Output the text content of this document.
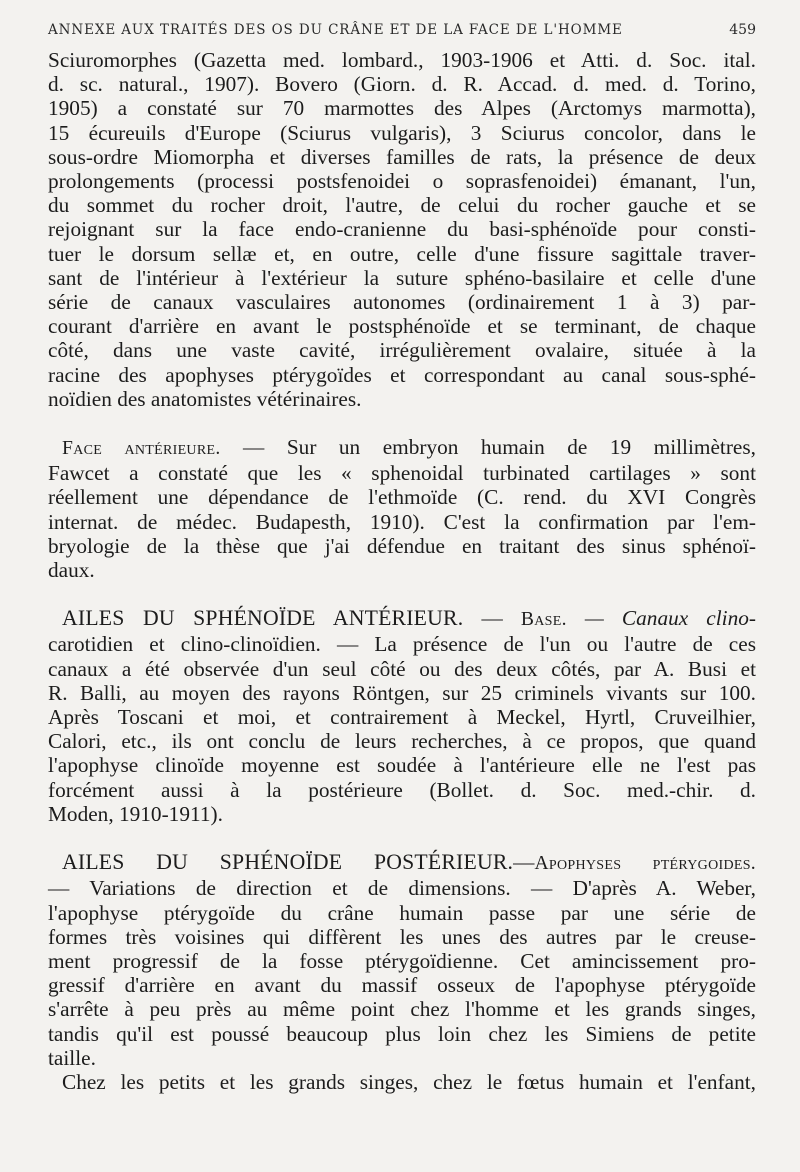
ANNEXE AUX TRAITÉS DES OS DU CRÂNE ET DE LA FACE DE L'HOMME	459

Sciuromorphes (Gazetta med. lombard., 1903-1906 et Atti. d. Soc. ital.
d. sc. natural., 1907). Bovero (Giorn. d. R. Accad. d. med. d. Torino,
1905) a constaté sur 70 marmottes des Alpes (Arctomys marmotta),
15 écureuils d'Europe (Sciurus vulgaris), 3 Sciurus concolor, dans le
sous-ordre Miomorpha et diverses familles de rats, la présence de deux
prolongements (processi postsfenoidei o soprasfenoidei) émanant, l'un,
du sommet du rocher droit, l'autre, de celui du rocher gauche et se
rejoignant sur la face endo-cranienne du basi-sphénoïde pour consti-
tuer le dorsum sellæ et, en outre, celle d'une fissure sagittale traver-
sant de l'intérieur à l'extérieur la suture sphéno-basilaire et celle d'une
série de canaux vasculaires autonomes (ordinairement 1 à 3) par-
courant d'arrière en avant le postsphénoïde et se terminant, de chaque
côté, dans une vaste cavité, irrégulièrement ovalaire, située à la
racine des apophyses ptérygoïdes et correspondant au canal sous-sphé-
noïdien des anatomistes vétérinaires.

Face antérieure. — Sur un embryon humain de 19 millimètres,
Fawcet a constaté que les « sphenoidal turbinated cartilages » sont
réellement une dépendance de l'ethmoïde (C. rend. du XVI Congrès
internat. de médec. Budapesth, 1910). C'est la confirmation par l'em-
bryologie de la thèse que j'ai défendue en traitant des sinus sphénoï-
daux.

AILES DU SPHÉNOÏDE ANTÉRIEUR. — Base. — Canaux clino-
carotidien et clino-clinoïdien. — La présence de l'un ou l'autre de ces
canaux a été observée d'un seul côté ou des deux côtés, par A. Busi et
R. Balli, au moyen des rayons Röntgen, sur 25 criminels vivants sur 100.
Après Toscani et moi, et contrairement à Meckel, Hyrtl, Cruveilhier,
Calori, etc., ils ont conclu de leurs recherches, à ce propos, que quand
l'apophyse clinoïde moyenne est soudée à l'antérieure elle ne l'est pas
forcément aussi à la postérieure (Bollet. d. Soc. med.-chir. d.
Moden, 1910-1911).

AILES DU SPHÉNOÏDE POSTÉRIEUR.—Apophyses ptérygoides.
— Variations de direction et de dimensions. — D'après A. Weber,
l'apophyse ptérygoïde du crâne humain passe par une série de
formes très voisines qui diffèrent les unes des autres par le creuse-
ment progressif de la fosse ptérygoïdienne. Cet amincissement pro-
gressif d'arrière en avant du massif osseux de l'apophyse ptérygoïde
s'arrête à peu près au même point chez l'homme et les grands singes,
tandis qu'il est poussé beaucoup plus loin chez les Simiens de petite
taille.

Chez les petits et les grands singes, chez le fœtus humain et l'enfant,
